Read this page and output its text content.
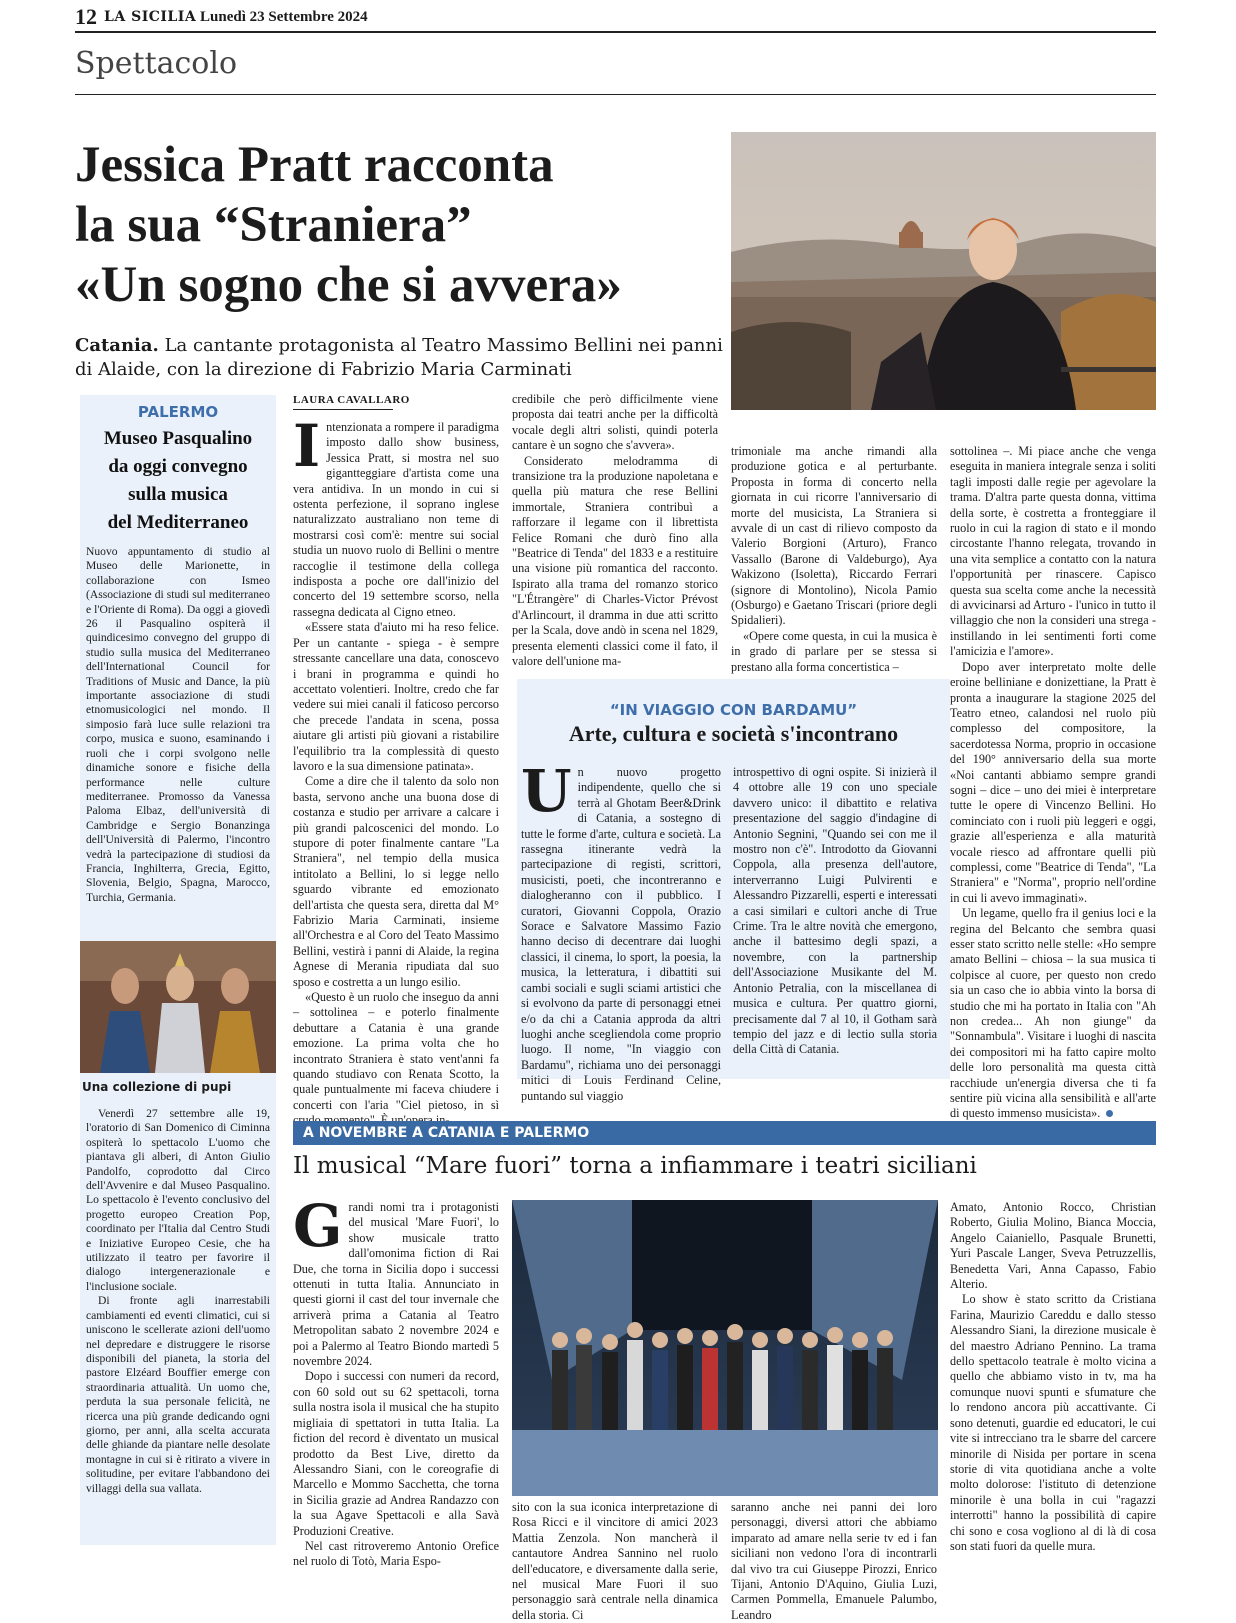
12 LA SICILIA Lunedì 23 Settembre 2024
Spettacolo
Jessica Pratt racconta
la sua “Straniera”
«Un sogno che si avvera»
Catania. La cantante protagonista al Teatro Massimo Bellini nei panni di Alaide, con la direzione di Fabrizio Maria Carminati
PALERMO
Museo Pasqualino
da oggi convegno
sulla musica
del Mediterraneo

Nuovo appuntamento di studio al Museo delle Marionette, in collaborazione con Ismeo (Associazione di studi sul mediterraneo e l'Oriente di Roma). Da oggi a giovedì 26 il Pasqualino ospiterà il quindicesimo convegno del gruppo di studio sulla musica del Mediterraneo dell'International Council for Traditions of Music and Dance, la più importante associazione di studi etnomusicologici nel mondo. Il simposio farà luce sulle relazioni tra corpo, musica e suono, esaminando i ruoli che i corpi svolgono nelle dinamiche sonore e fisiche della performance nelle culture mediterranee. Promosso da Vanessa Paloma Elbaz, dell'università di Cambridge e Sergio Bonanzinga dell'Università di Palermo, l'incontro vedrà la partecipazione di studiosi da Francia, Inghilterra, Grecia, Egitto, Slovenia, Belgio, Spagna, Marocco, Turchia, Germania.

Una collezione di pupi

Venerdì 27 settembre alle 19, l'oratorio di San Domenico di Ciminna ospiterà lo spettacolo L'uomo che piantava gli alberi, di Anton Giulio Pandolfo, coprodotto dal Circo dell'Avvenire e dal Museo Pasqualino. Lo spettacolo è l'evento conclusivo del progetto europeo Creation Pop, coordinato per l'Italia dal Centro Studi e Iniziative Europeo Cesie, che ha utilizzato il teatro per favorire il dialogo intergenerazionale e l'inclusione sociale.

Di fronte agli inarrestabili cambiamenti ed eventi climatici, cui si uniscono le scellerate azioni dell'uomo nel depredare e distruggere le risorse disponibili del pianeta, la storia del pastore Elzéard Bouffier emerge con straordinaria attualità. Un uomo che, perduta la sua personale felicità, ne ricerca una più grande dedicando ogni giorno, per anni, alla scelta accurata delle ghiande da piantare nelle desolate montagne in cui si è ritirato a vivere in solitudine, per evitare l'abbandono dei villaggi della sua vallata.

LAURA CAVALLARO

Intenzionata a rompere il paradigma imposto dallo show business, Jessica Pratt, si mostra nel suo gigantteggiare d'artista come una vera antidiva. In un mondo in cui si ostenta perfezione, il soprano inglese naturalizzato australiano non teme di mostrarsi così com'è: mentre sui social studia un nuovo ruolo di Bellini o mentre raccoglie il testimone della collega indisposta a poche ore dall'inizio del concerto del 19 settembre scorso, nella rassegna dedicata al Cigno etneo.

«Essere stata d'aiuto mi ha reso felice. Per un cantante - spiega - è sempre stressante cancellare una data, conoscevo i brani in programma e quindi ho accettato volentieri. Inoltre, credo che far vedere sui miei canali il faticoso percorso che precede l'andata in scena, possa aiutare gli artisti più giovani a ristabilire l'equilibrio tra la complessità di questo lavoro e la sua dimensione patinata».

Come a dire che il talento da solo non basta, servono anche una buona dose di costanza e studio per arrivare a calcare i più grandi palcoscenici del mondo. Lo stupore di poter finalmente cantare "La Straniera", nel tempio della musica intitolato a Bellini, lo si legge nello sguardo vibrante ed emozionato dell'artista che questa sera, diretta dal M° Fabrizio Maria Carminati, insieme all'Orchestra e al Coro del Teato Massimo Bellini, vestirà i panni di Alaide, la regina Agnese di Merania ripudiata dal suo sposo e costretta a un lungo esilio.

«Questo è un ruolo che inseguo da anni – sottolinea – e poterlo finalmente debuttare a Catania è una grande emozione. La prima volta che ho incontrato Straniera è stato vent'anni fa quando studiavo con Renata Scotto, la quale puntualmente mi faceva chiudere i concerti con l'aria "Ciel pietoso, in sì

credibile che però difficilmente viene proposta dai teatri anche per la difficoltà vocale degli altri solisti, quindi poterla cantare è un sogno che s'avvera».

Considerato melodramma di transizione tra la produzione napoletana e quella più matura che rese Bellini immortale, Straniera contribuì a rafforzare il legame con il librettista Felice Romani che durò fino alla "Beatrice di Tenda" del 1833 e a restituire una visione più romantica del racconto. Ispirato alla trama del romanzo storico "L'Étrangère" di Charles-Victor Prévost d'Arlincourt, il dramma in due atti scritto per la Scala, dove andò in scena nel 1829, presenta elementi classici come il fato, il valore dell'unione ma-

trimoniale ma anche rimandi alla produzione gotica e al perturbante. Proposta in forma di concerto nella giornata in cui ricorre l'anniversario di morte del musicista, La Straniera si avvale di un cast di rilievo composto da Valerio Borgioni (Arturo), Franco Vassallo (Barone di Valdeburgo), Aya Wakizono (Isoletta), Riccardo Ferrari (signore di Montolino), Nicola Pamio (Osburgo) e Gaetano Triscari (priore degli Spidalieri).

«Opere come questa, in cui la musica è in grado di parlare per se stessa si prestano alla forma concertistica –

sottolinea –. Mi piace anche che venga eseguita in maniera integrale senza i soliti tagli imposti dalle regie per agevolare la trama. D'altra parte questa donna, vittima della sorte, è costretta a fronteggiare il ruolo in cui la ragion di stato e il mondo circostante l'hanno relegata, trovando in una vita semplice a contatto con la natura l'opportunità per rinascere. Capisco questa sua scelta come anche la necessità di avvicinarsi ad Arturo - l'unico in tutto il villaggio che non la consideri una strega - instillando in lei sentimenti forti come l'amicizia e l'amore».

Dopo aver interpretato molte delle eroine belliniane e donizettiane, la Pratt è pronta a inaugurare la stagione 2025 del Teatro etneo, calandosi nel ruolo più complesso del compositore, la sacerdotessa Norma, proprio in occasione del 190° anniversario della sua morte «Noi cantanti abbiamo sempre grandi sogni – dice – uno dei miei è interpretare tutte le opere di Vincenzo Bellini. Ho cominciato con i ruoli più leggeri e oggi, grazie all'esperienza e alla maturità vocale riesco ad affrontare quelli più complessi, come "Beatrice di Tenda", "La Straniera" e "Norma", proprio nell'ordine in cui li avevo immaginati».

Un legame, quello fra il genius loci e la regina del Belcanto che sembra quasi esser stato scritto nelle stelle: «Ho sempre amato Bellini – chiosa – la sua musica ti colpisce al cuore, per questo non credo sia un caso che io abbia vinto la borsa di studio che mi ha portato in Italia con "Ah non credea... Ah non giunge" da "Sonnambula". Visitare i luoghi di nascita dei compositori mi ha fatto capire molto delle loro personalità ma questa città racchiude un'energia diversa che ti fa sentire più vicina alla sensibilità e all'arte di questo immenso musicista».

“IN VIAGGIO CON BARDAMU”
Arte, cultura e società s'incontrano

Un nuovo progetto indipendente, quello che si terrà al Ghotam Beer&Drink di Catania, a sostegno di tutte le forme d'arte, cultura e società. La rassegna itinerante vedrà la partecipazione di registi, scrittori, musicisti, poeti, che incontreranno e dialogheranno con il pubblico. I curatori, Giovanni Coppola, Orazio Sorace e Salvatore Massimo Fazio hanno deciso di decentrare dai luoghi classici, il cinema, lo sport, la poesia, la musica, la letteratura, i dibattiti sui cambi sociali e sugli sciami artistici che si evolvono da parte di personaggi etnei e/o da chi a Catania approda da altri luoghi anche scegliendola come proprio luogo. Il nome, "In viaggio con Bardamu", richiama uno dei personaggi mitici di Louis Ferdinand Celine, puntando sul viaggio

introspettivo di ogni ospite. Si inizierà il 4 ottobre alle 19 con uno speciale davvero unico: il dibattito e relativa presentazione del saggio d'indagine di Antonio Segnini, "Quando sei con me il mostro non c'è". Introdotto da Giovanni Coppola, alla presenza dell'autore, interverranno Luigi Pulvirenti e Alessandro Pizzarelli, esperti e interessati a casi similari e cultori anche di True Crime. Tra le altre novità che emergono, anche il battesimo degli spazi, a novembre, con la partnership dell'Associazione Musikante del M. Antonio Petralia, con la miscellanea di musica e cultura. Per quattro giorni, precisamente dal 7 al 10, il Gotham sarà tempio del jazz e di lectio sulla storia della Città di Catania.

A NOVEMBRE A CATANIA E PALERMO
Il musical “Mare fuori” torna a infiammare i teatri siciliani

Grandi nomi tra i protagonisti del musical 'Mare Fuori', lo show musicale tratto dall'omonima fiction di Rai Due, che torna in Sicilia dopo i successi ottenuti in tutta Italia. Annunciato in questi giorni il cast del tour invernale che arriverà prima a Catania al Teatro Metropolitan sabato 2 novembre 2024 e poi a Palermo al Teatro Biondo martedì 5 novembre 2024.

Dopo i successi con numeri da record, con 60 sold out su 62 spettacoli, torna sulla nostra isola il musical che ha stupito migliaia di spettatori in tutta Italia. La fiction del record è diventato un musical prodotto da Best Live, diretto da Alessandro Siani, con le coreografie di Marcello e Mommo Sacchetta, che torna in Sicilia grazie ad Andrea Randazzo con la sua Agave Spettacoli e alla Savà Produzioni Creative.

Nel cast ritroveremo Antonio Orefice nel ruolo di Totò, Maria Espo-

sito con la sua iconica interpretazione di Rosa Ricci e il vincitore di amici 2023 Mattia Zenzola. Non mancherà il cantautore Andrea Sannino nel ruolo dell'educatore, e diversamente dalla serie, nel musical Mare Fuori il suo personaggio sarà centrale nella dinamica della storia. Ci

saranno anche nei panni dei loro personaggi, diversi attori che abbiamo imparato ad amare nella serie tv ed i fan siciliani non vedono l'ora di incontrarli dal vivo tra cui Giuseppe Pirozzi, Enrico Tijani, Antonio D'Aquino, Giulia Luzi, Carmen Pommella, Emanuele Palumbo, Leandro

Amato, Antonio Rocco, Christian Roberto, Giulia Molino, Bianca Moccia, Angelo Caianiello, Pasquale Brunetti, Yuri Pascale Langer, Sveva Petruzzellis, Benedetta Vari, Anna Capasso, Fabio Alterio.

Lo show è stato scritto da Cristiana Farina, Maurizio Careddu e dallo stesso Alessandro Siani, la direzione musicale è del maestro Adriano Pennino. La trama dello spettacolo teatrale è molto vicina a quello che abbiamo visto in tv, ma ha comunque nuovi spunti e sfumature che lo rendono ancora più accattivante. Ci sono detenuti, guardie ed educatori, le cui vite si intrecciano tra le sbarre del carcere minorile di Nisida per portare in scena storie di vita quotidiana anche a volte molto dolorose: l'istituto di detenzione minorile è una bolla in cui "ragazzi interrotti" hanno la possibilità di capire chi sono e cosa vogliono al di là di cosa son stati fuori da quelle mura.
